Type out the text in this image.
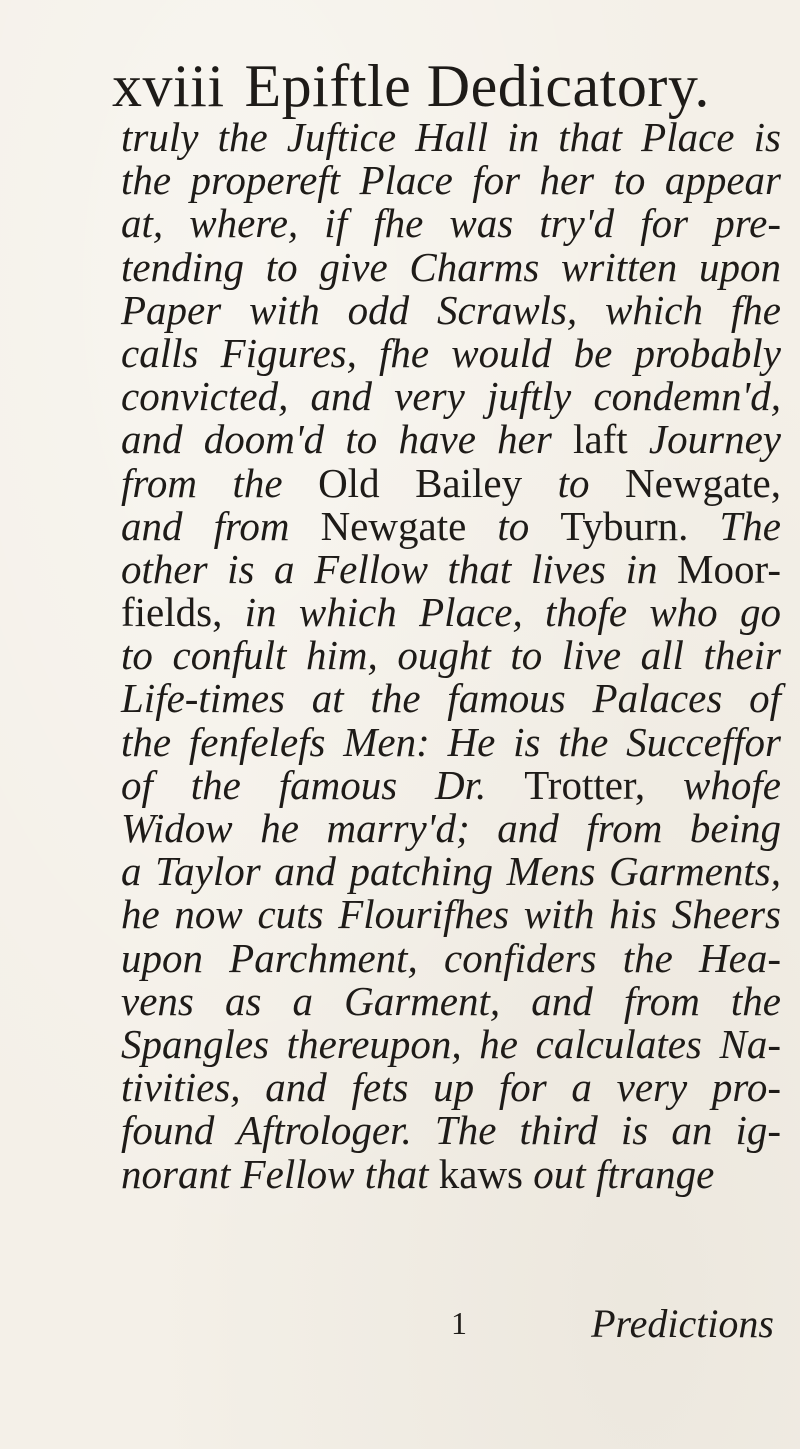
xviii Epiftle Dedicatory.
truly the Juftice Hall in that Place is
the propereft Place for her to appear
at, where, if fhe was try'd for pre-
tending to give Charms written upon
Paper with odd Scrawls, which fhe
calls Figures, fhe would be probably
convicted, and very juftly condemn'd,
and doom'd to have her laft Journey
from the Old Bailey to Newgate,
and from Newgate to Tyburn. The
other is a Fellow that lives in Moor-
fields, in which Place, thofe who go
to confult him, ought to live all their
Life-times at the famous Palaces of
the fenfelefs Men: He is the Succeffor
of the famous Dr. Trotter, whofe
Widow he marry'd; and from being
a Taylor and patching Mens Garments,
he now cuts Flourifhes with his Sheers
upon Parchment, confiders the Hea-
vens as a Garment, and from the
Spangles thereupon, he calculates Na-
tivities, and fets up for a very pro-
found Aftrologer. The third is an ig-
norant Fellow that kaws out ftrange
1	Predictions
